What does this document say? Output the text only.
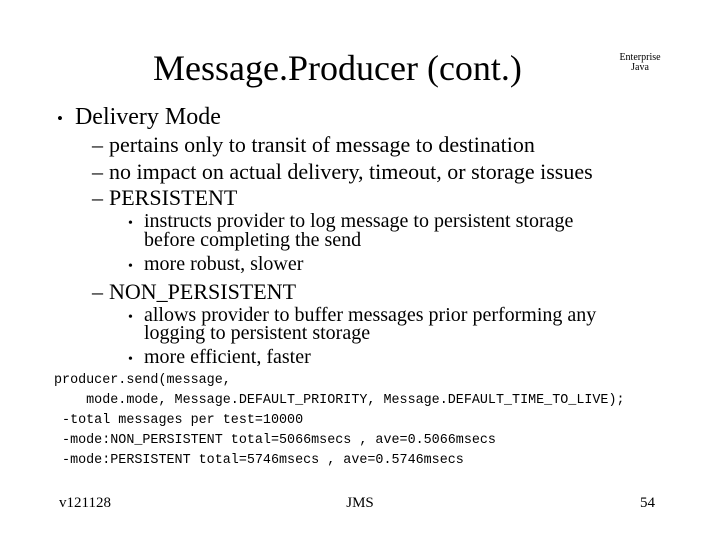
Message.Producer (cont.)	Enterprise
Java
• Delivery Mode
– pertains only to transit of message to destination
– no impact on actual delivery, timeout, or storage issues
– PERSISTENT
• instructs provider to log message to persistent storage
before completing the send
• more robust, slower
– NON_PERSISTENT
• allows provider to buffer messages prior performing any
logging to persistent storage
• more efficient, faster
producer.send(message,
mode.mode, Message.DEFAULT_PRIORITY, Message.DEFAULT_TIME_TO_LIVE);
-total messages per test=10000
-mode:NON_PERSISTENT total=5066msecs , ave=0.5066msecs
-mode:PERSISTENT total=5746msecs , ave=0.5746msecs
v121128	JMS	54
